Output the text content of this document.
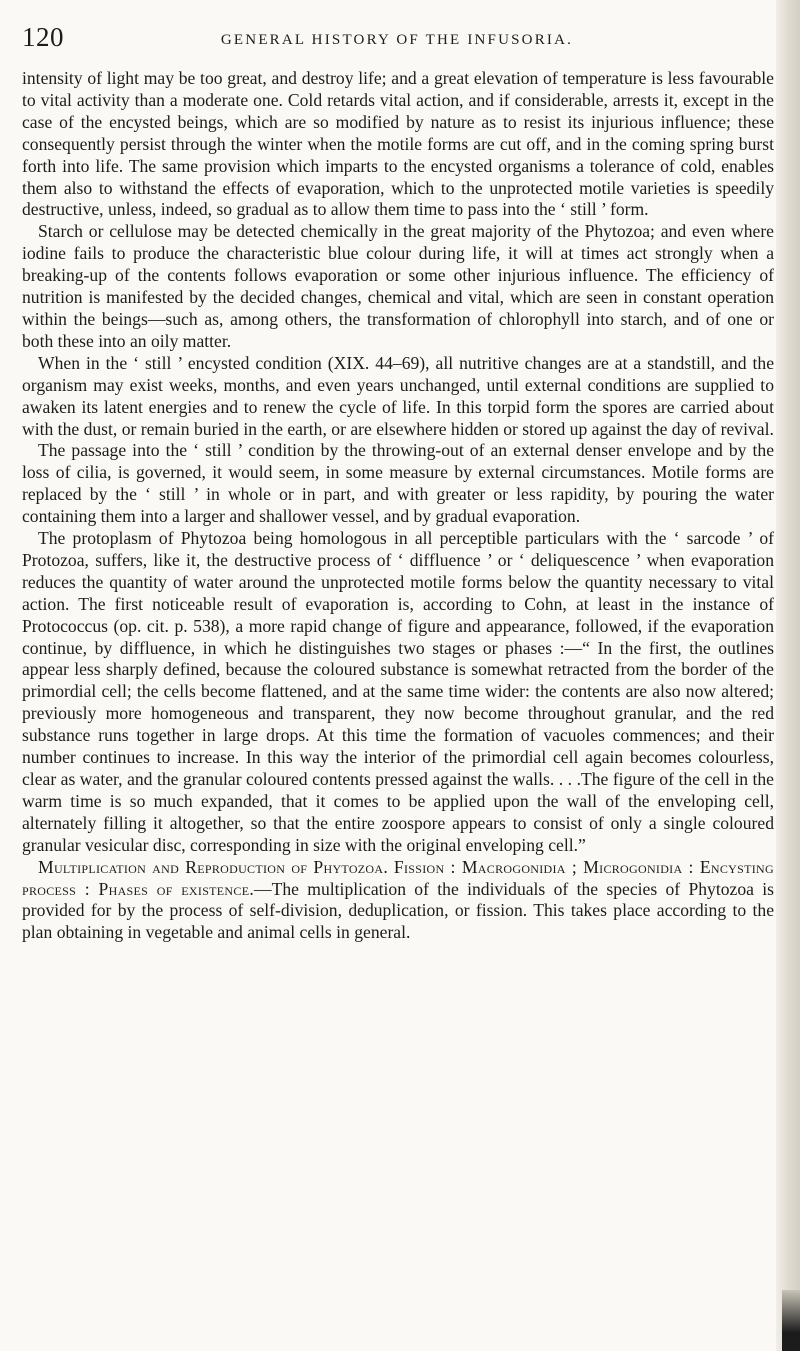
120	GENERAL HISTORY OF THE INFUSORIA.

intensity of light may be too great, and destroy life; and a great elevation of temperature is less favourable to vital activity than a moderate one. Cold retards vital action, and if considerable, arrests it, except in the case of the encysted beings, which are so modified by nature as to resist its injurious influence; these consequently persist through the winter when the motile forms are cut off, and in the coming spring burst forth into life. The same provision which imparts to the encysted organisms a tolerance of cold, enables them also to withstand the effects of evaporation, which to the unprotected motile varieties is speedily destructive, unless, indeed, so gradual as to allow them time to pass into the ‘ still ’ form.

Starch or cellulose may be detected chemically in the great majority of the Phytozoa; and even where iodine fails to produce the characteristic blue colour during life, it will at times act strongly when a breaking-up of the contents follows evaporation or some other injurious influence. The efficiency of nutrition is manifested by the decided changes, chemical and vital, which are seen in constant operation within the beings—such as, among others, the transformation of chlorophyll into starch, and of one or both these into an oily matter.

When in the ‘ still ’ encysted condition (XIX. 44–69), all nutritive changes are at a standstill, and the organism may exist weeks, months, and even years unchanged, until external conditions are supplied to awaken its latent energies and to renew the cycle of life. In this torpid form the spores are carried about with the dust, or remain buried in the earth, or are elsewhere hidden or stored up against the day of revival.

The passage into the ‘ still ’ condition by the throwing-out of an external denser envelope and by the loss of cilia, is governed, it would seem, in some measure by external circumstances. Motile forms are replaced by the ‘ still ’ in whole or in part, and with greater or less rapidity, by pouring the water containing them into a larger and shallower vessel, and by gradual evaporation.

The protoplasm of Phytozoa being homologous in all perceptible particulars with the ‘ sarcode ’ of Protozoa, suffers, like it, the destructive process of ‘ diffluence ’ or ‘ deliquescence ’ when evaporation reduces the quantity of water around the unprotected motile forms below the quantity necessary to vital action. The first noticeable result of evaporation is, according to Cohn, at least in the instance of Protococcus (op. cit. p. 538), a more rapid change of figure and appearance, followed, if the evaporation continue, by diffluence, in which he distinguishes two stages or phases :—“ In the first, the outlines appear less sharply defined, because the coloured substance is somewhat retracted from the border of the primordial cell; the cells become flattened, and at the same time wider: the contents are also now altered; previously more homogeneous and transparent, they now become throughout granular, and the red substance runs together in large drops. At this time the formation of vacuoles commences; and their number continues to increase. In this way the interior of the primordial cell again becomes colourless, clear as water, and the granular coloured contents pressed against the walls. . . .The figure of the cell in the warm time is so much expanded, that it comes to be applied upon the wall of the enveloping cell, alternately filling it altogether, so that the entire zoospore appears to consist of only a single coloured granular vesicular disc, corresponding in size with the original enveloping cell.”

Multiplication and Reproduction of Phytozoa. Fission : Macrogonidia ; Microgonidia : Encysting process : Phases of existence.—The multiplication of the individuals of the species of Phytozoa is provided for by the process of self-division, deduplication, or fission. This takes place according to the plan obtaining in vegetable and animal cells in general.
